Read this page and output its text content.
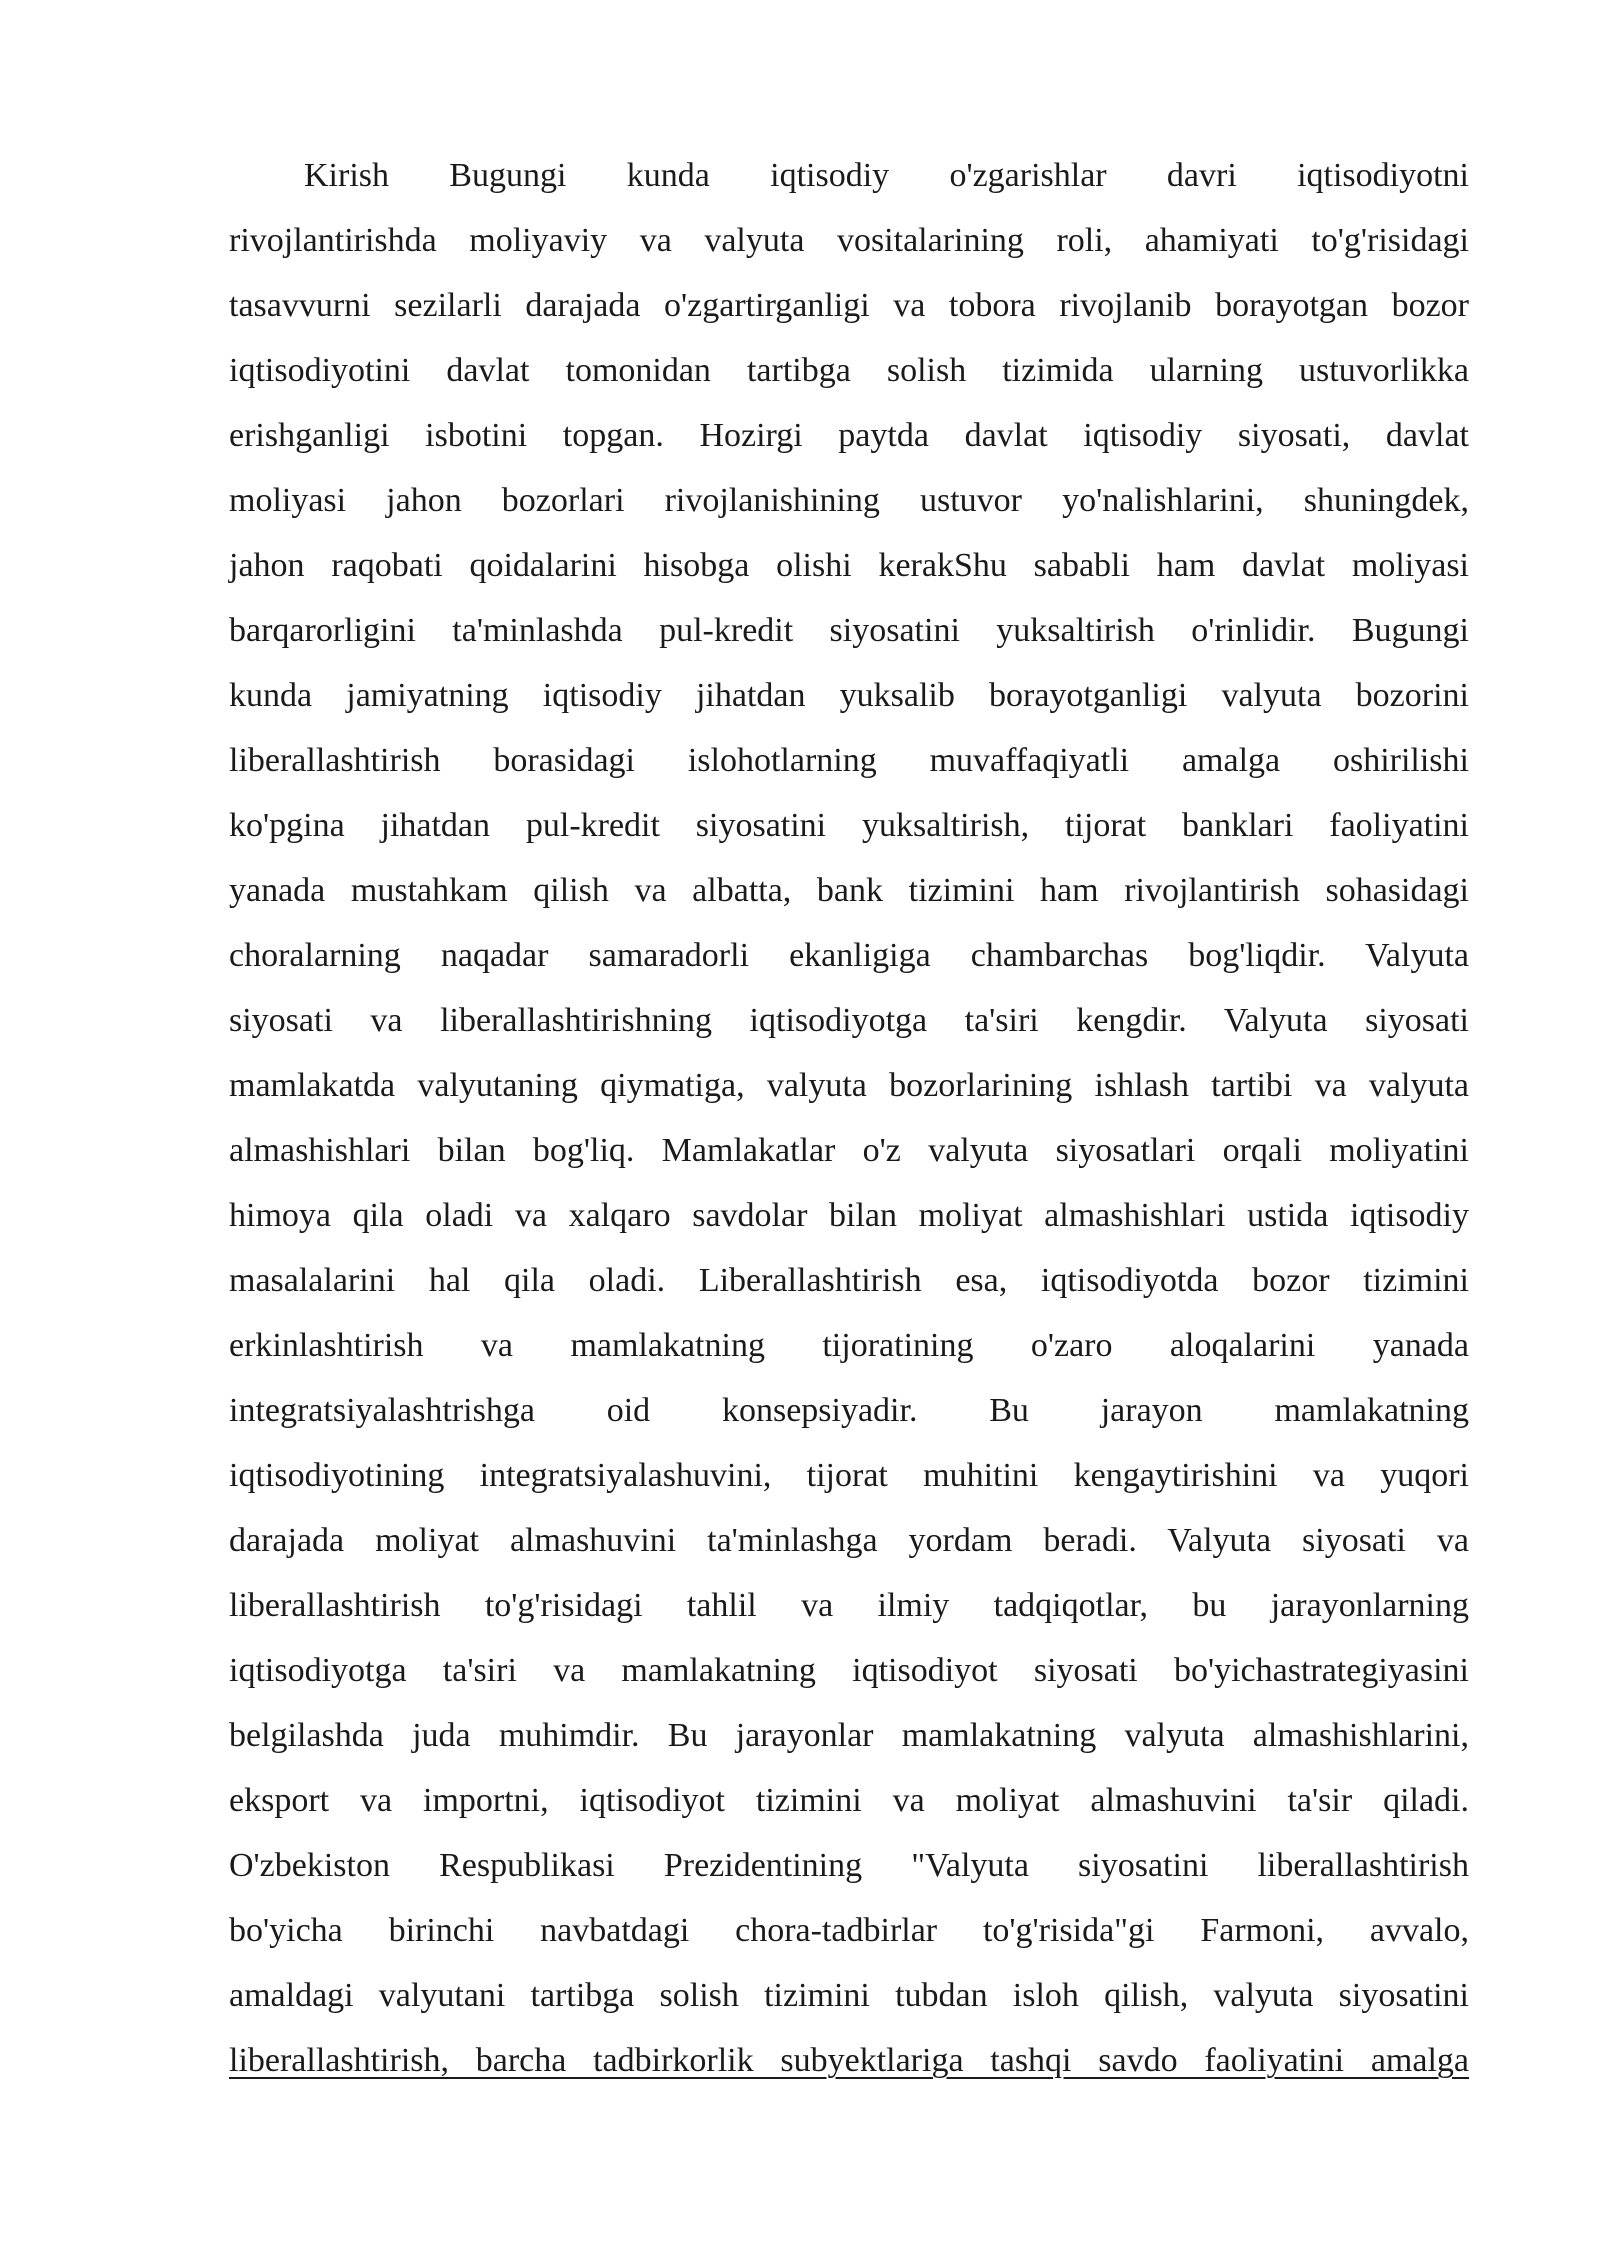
Kirish Bugungi kunda iqtisodiy o'zgarishlar davri iqtisodiyotni
rivojlantirishda moliyaviy va valyuta vositalarining roli, ahamiyati to'g'risidagi
tasavvurni sezilarli darajada o'zgartirganligi va tobora rivojlanib borayotgan bozor
iqtisodiyotini davlat tomonidan tartibga solish tizimida ularning ustuvorlikka
erishganligi isbotini topgan. Hozirgi paytda davlat iqtisodiy siyosati, davlat
moliyasi jahon bozorlari rivojlanishining ustuvor yo'nalishlarini, shuningdek,
jahon raqobati qoidalarini hisobga olishi kerakShu sababli ham davlat moliyasi
barqarorligini ta'minlashda pul-kredit siyosatini yuksaltirish o'rinlidir. Bugungi
kunda jamiyatning iqtisodiy jihatdan yuksalib borayotganligi valyuta bozorini
liberallashtirish borasidagi islohotlarning muvaffaqiyatli amalga oshirilishi
ko'pgina jihatdan pul-kredit siyosatini yuksaltirish, tijorat banklari faoliyatini
yanada mustahkam qilish va albatta, bank tizimini ham rivojlantirish sohasidagi
choralarning naqadar samaradorli ekanligiga chambarchas bog'liqdir. Valyuta
siyosati va liberallashtirishning iqtisodiyotga ta'siri kengdir. Valyuta siyosati
mamlakatda valyutaning qiymatiga, valyuta bozorlarining ishlash tartibi va valyuta
almashishlari bilan bog'liq. Mamlakatlar o'z valyuta siyosatlari orqali moliyatini
himoya qila oladi va xalqaro savdolar bilan moliyat almashishlari ustida iqtisodiy
masalalarini hal qila oladi. Liberallashtirish esa, iqtisodiyotda bozor tizimini
erkinlashtirish va mamlakatning tijoratining o'zaro aloqalarini yanada
integratsiyalashtrishga oid konsepsiyadir. Bu jarayon mamlakatning
iqtisodiyotining integratsiyalashuvini, tijorat muhitini kengaytirishini va yuqori
darajada moliyat almashuvini ta'minlashga yordam beradi. Valyuta siyosati va
liberallashtirish to'g'risidagi tahlil va ilmiy tadqiqotlar, bu jarayonlarning
iqtisodiyotga ta'siri va mamlakatning iqtisodiyot siyosati bo'yichastrategiyasini
belgilashda juda muhimdir. Bu jarayonlar mamlakatning valyuta almashishlarini,
eksport va importni, iqtisodiyot tizimini va moliyat almashuvini ta'sir qiladi.
O'zbekiston Respublikasi Prezidentining "Valyuta siyosatini liberallashtirish
bo'yicha birinchi navbatdagi chora-tadbirlar to'g'risida"gi Farmoni, avvalo,
amaldagi valyutani tartibga solish tizimini tubdan isloh qilish, valyuta siyosatini
liberallashtirish, barcha tadbirkorlik subyektlariga tashqi savdo faoliyatini amalga
